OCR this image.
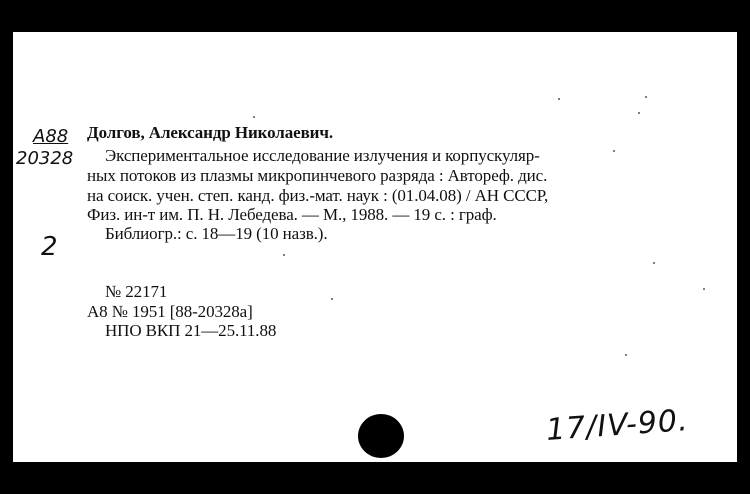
А88
20328
2
Долгов, Александр Николаевич.
Экспериментальное исследование излучения и корпускуляр-
ных потоков из плазмы микропинчевого разряда : Автореф. дис.
на соиск. учен. степ. канд. физ.-мат. наук : (01.04.08) / АН СССР,
Физ. ин-т им. П. Н. Лебедева. — М., 1988. — 19 с. : граф.
Библиогр.: с. 18—19 (10 назв.).
№ 22171
А8 № 1951 [88-20328а]
НПО ВКП 21—25.11.88
17/IV-90.
